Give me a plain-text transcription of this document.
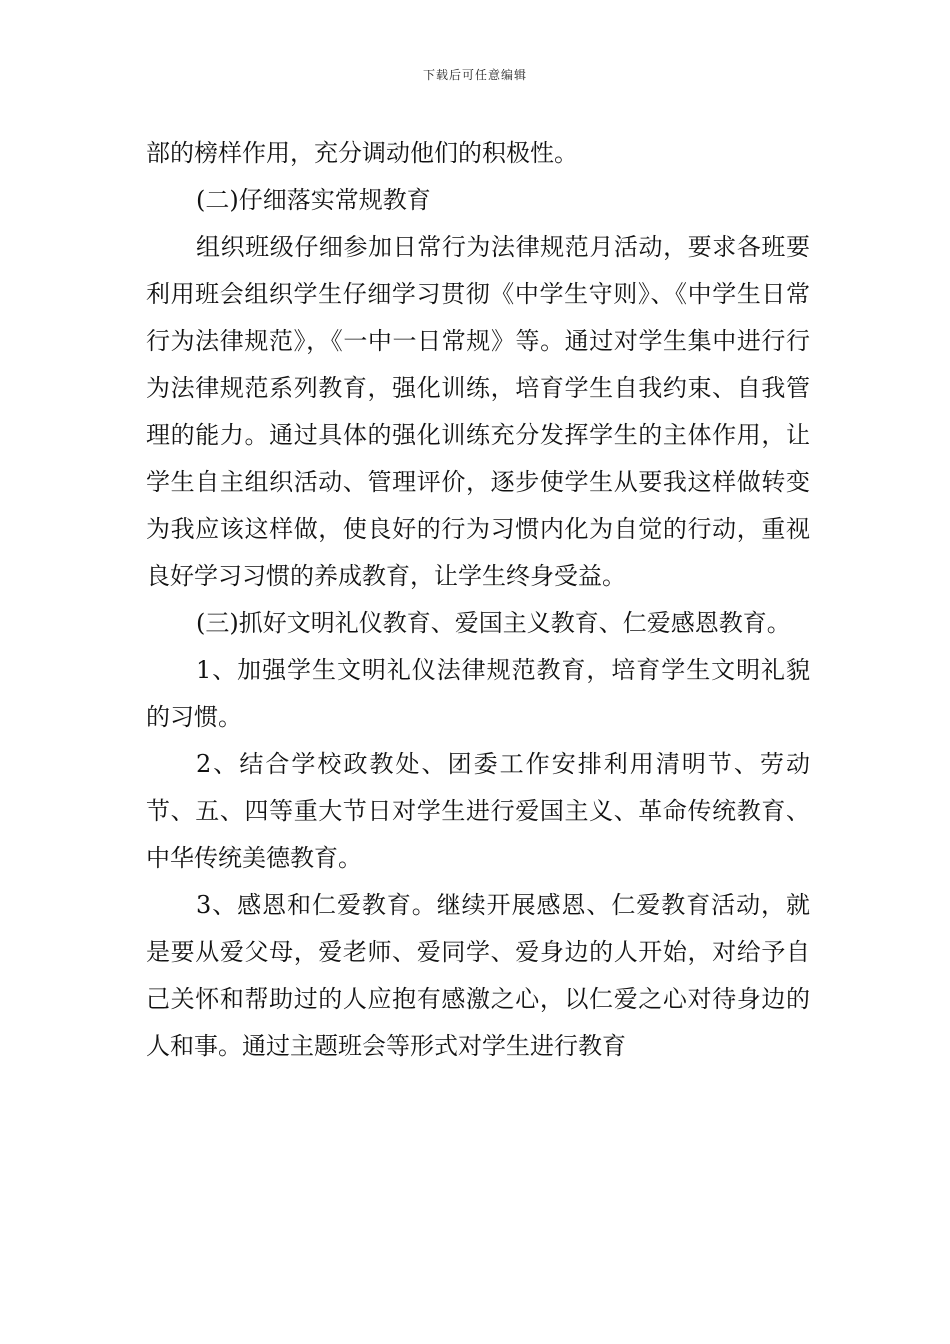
下载后可任意编辑

部的榜样作用，充分调动他们的积极性。

(二)仔细落实常规教育

组织班级仔细参加日常行为法律规范月活动，要求各班要利用班会组织学生仔细学习贯彻《中学生守则》、《中学生日常行为法律规范》，《一中一日常规》等。通过对学生集中进行行为法律规范系列教育，强化训练，培育学生自我约束、自我管理的能力。通过具体的强化训练充分发挥学生的主体作用，让学生自主组织活动、管理评价，逐步使学生从要我这样做转变为我应该这样做，使良好的行为习惯内化为自觉的行动，重视良好学习习惯的养成教育，让学生终身受益。

(三)抓好文明礼仪教育、爱国主义教育、仁爱感恩教育。

1、加强学生文明礼仪法律规范教育，培育学生文明礼貌的习惯。

2、结合学校政教处、团委工作安排利用清明节、劳动节、五、四等重大节日对学生进行爱国主义、革命传统教育、中华传统美德教育。

3、感恩和仁爱教育。继续开展感恩、仁爱教育活动，就是要从爱父母，爱老师、爱同学、爱身边的人开始，对给予自己关怀和帮助过的人应抱有感激之心，以仁爱之心对待身边的人和事。通过主题班会等形式对学生进行教育
